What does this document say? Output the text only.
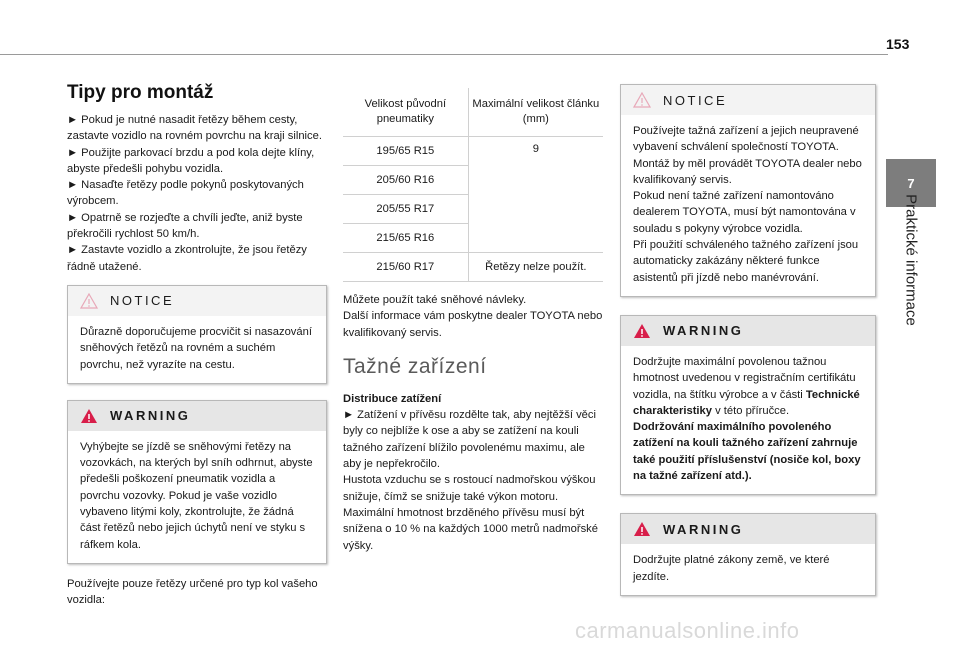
153
7
Praktické informace
Tipy pro montáž

► Pokud je nutné nasadit řetězy během cesty, zastavte vozidlo na rovném povrchu na kraji silnice.
► Použijte parkovací brzdu a pod kola dejte klíny, abyste předešli pohybu vozidla.
► Nasaďte řetězy podle pokynů poskytovaných výrobcem.
► Opatrně se rozjeďte a chvíli jeďte, aniž byste překročili rychlost 50 km/h.
► Zastavte vozidlo a zkontrolujte, že jsou řetězy řádně utažené.

NOTICE

Důrazně doporučujeme procvičit si nasazování sněhových řetězů na rovném a suchém povrchu, než vyrazíte na cestu.

WARNING

Vyhýbejte se jízdě se sněhovými řetězy na vozovkách, na kterých byl sníh odhrnut, abyste předešli poškození pneumatik vozidla a povrchu vozovky. Pokud je vaše vozidlo vybaveno litými koly, zkontrolujte, že žádná část řetězů nebo jejich úchytů není ve styku s ráfkem kola.

Používejte pouze řetězy určené pro typ kol vašeho vozidla:

Velikost původní pneumatiky	Maximální velikost článku (mm)
195/65 R15	9
205/60 R16	
205/55 R17	
215/65 R16	
215/60 R17	Řetězy nelze použít.

Můžete použít také sněhové návleky.
Další informace vám poskytne dealer TOYOTA nebo kvalifikovaný servis.

Tažné zařízení
Distribuce zatížení

► Zatížení v přívěsu rozdělte tak, aby nejtěžší věci byly co nejblíže k ose a aby se zatížení na kouli tažného zařízení blížilo povolenému maximu, ale aby je nepřekročilo.
Hustota vzduchu se s rostoucí nadmořskou výškou snižuje, čímž se snižuje také výkon motoru. Maximální hmotnost brzděného přívěsu musí být snížena o 10 % na každých 1000 metrů nadmořské výšky.

NOTICE

Používejte tažná zařízení a jejich neupravené vybavení schválení společností TOYOTA. Montáž by měl provádět TOYOTA dealer nebo kvalifikovaný servis.
Pokud není tažné zařízení namontováno dealerem TOYOTA, musí být namontována v souladu s pokyny výrobce vozidla.
Při použití schváleného tažného zařízení jsou automaticky zakázány některé funkce asistentů při jízdě nebo manévrování.

WARNING

Dodržujte maximální povolenou tažnou hmotnost uvedenou v registračním certifikátu vozidla, na štítku výrobce a v části Technické charakteristiky v této příručce.
Dodržování maximálního povoleného zatížení na kouli tažného zařízení zahrnuje také použití příslušenství (nosiče kol, boxy na tažné zařízení atd.).

WARNING

Dodržujte platné zákony země, ve které jezdíte.

carmanualsonline.info
